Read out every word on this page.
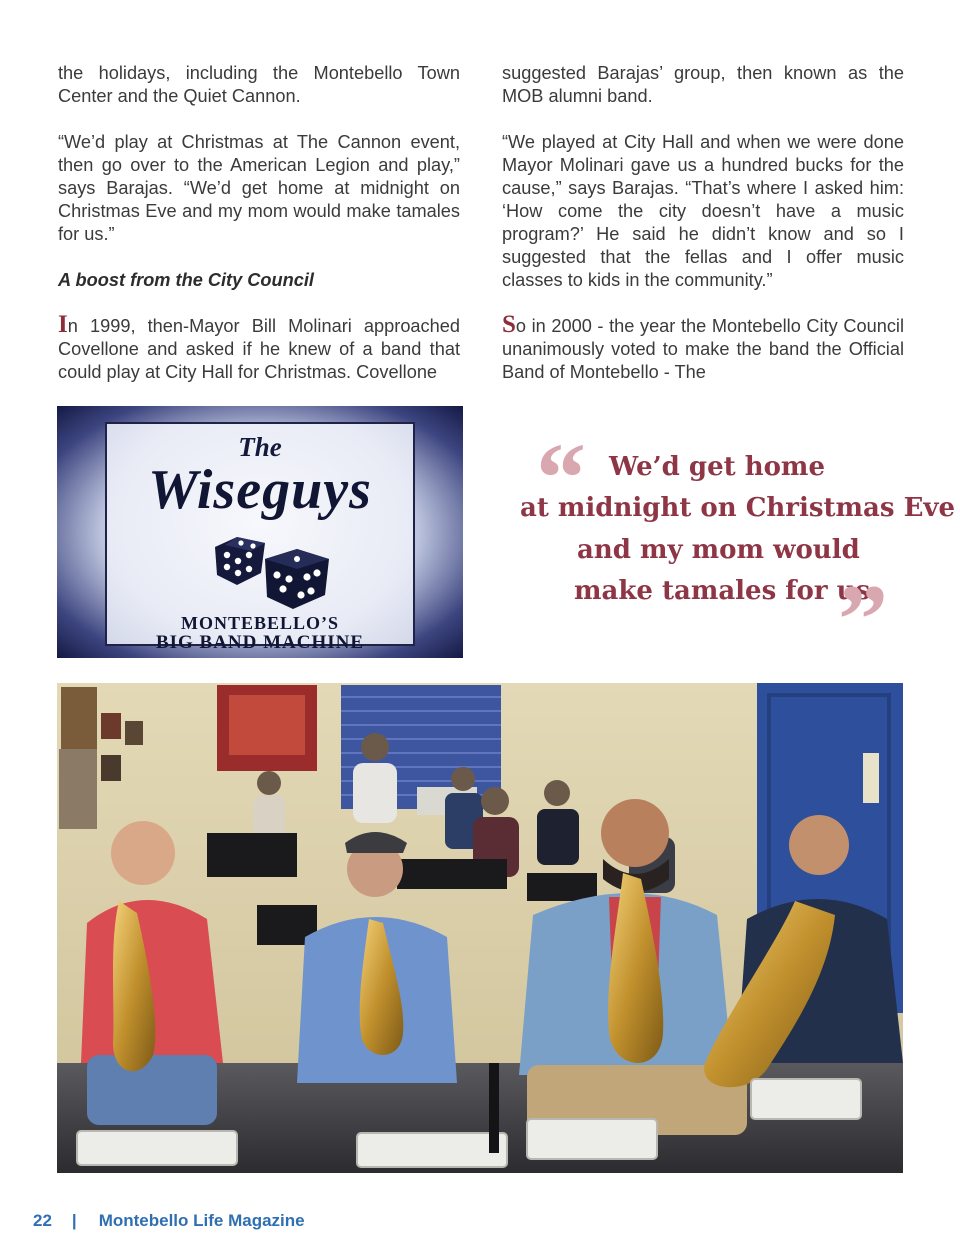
the holidays, including the Montebello Town Center and the Quiet Cannon.

“We’d play at Christmas at The Cannon event, then go over to the American Legion and play,” says Barajas. “We’d get home at midnight on Christmas Eve and my mom would make tamales for us.”

A boost from the City Council

In 1999, then-Mayor Bill Molinari approached Covellone and asked if he knew of a band that could play at City Hall for Christmas. Covellone

suggested Barajas’ group, then known as the MOB alumni band.

“We played at City Hall and when we were done Mayor Molinari gave us a hundred bucks for the cause,” says Barajas. “That’s where I asked him: ‘How come the city doesn’t have a music program?’ He said he didn’t know and so I suggested that the fellas and I offer music classes to kids in the community.”

So in 2000 - the year the Montebello City Council unanimously voted to make the band the Official Band of Montebello - The

The
Wiseguys
MONTEBELLO’S
BIG BAND MACHINE
“ We’d get home
at midnight on Christmas Eve
and my mom would
make tamales for us.
”
22 | Montebello Life Magazine
